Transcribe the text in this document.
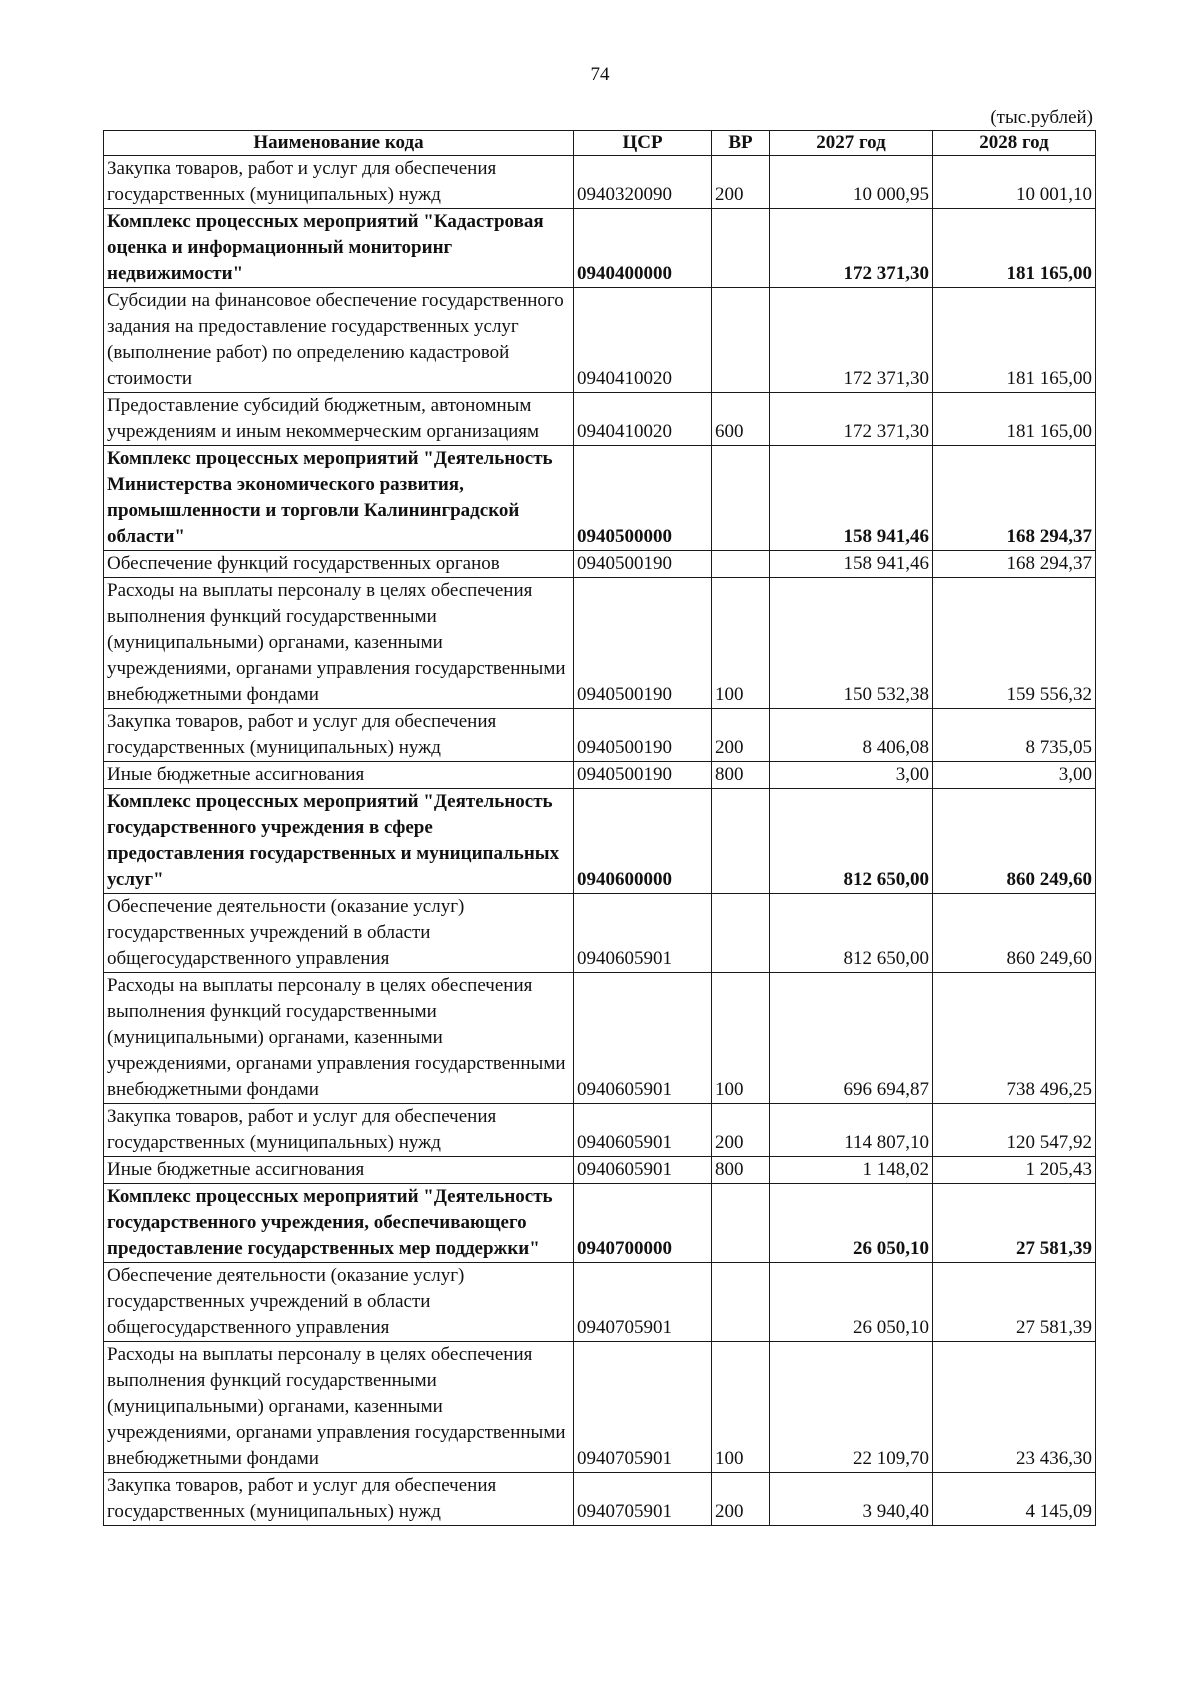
74
(тыс.рублей)
Наименование кода	ЦСР	ВР	2027 год	2028 год
Закупка товаров, работ и услуг для обеспечения государственных (муниципальных) нужд	0940320090	200	10 000,95	10 001,10
Комплекс процессных мероприятий "Кадастровая оценка и информационный мониторинг недвижимости"	0940400000		172 371,30	181 165,00
Субсидии на финансовое обеспечение государственного задания на предоставление государственных услуг (выполнение работ) по определению кадастровой стоимости	0940410020		172 371,30	181 165,00
Предоставление субсидий бюджетным, автономным учреждениям и иным некоммерческим организациям	0940410020	600	172 371,30	181 165,00
Комплекс процессных мероприятий "Деятельность Министерства экономического развития, промышленности и торговли Калининградской области"	0940500000		158 941,46	168 294,37
Обеспечение функций государственных органов	0940500190		158 941,46	168 294,37
Расходы на выплаты персоналу в целях обеспечения выполнения функций государственными (муниципальными) органами, казенными учреждениями, органами управления государственными внебюджетными фондами	0940500190	100	150 532,38	159 556,32
Закупка товаров, работ и услуг для обеспечения государственных (муниципальных) нужд	0940500190	200	8 406,08	8 735,05
Иные бюджетные ассигнования	0940500190	800	3,00	3,00
Комплекс процессных мероприятий "Деятельность государственного учреждения в сфере предоставления государственных и муниципальных услуг"	0940600000		812 650,00	860 249,60
Обеспечение деятельности (оказание услуг) государственных учреждений в области общегосударственного управления	0940605901		812 650,00	860 249,60
Расходы на выплаты персоналу в целях обеспечения выполнения функций государственными (муниципальными) органами, казенными учреждениями, органами управления государственными внебюджетными фондами	0940605901	100	696 694,87	738 496,25
Закупка товаров, работ и услуг для обеспечения государственных (муниципальных) нужд	0940605901	200	114 807,10	120 547,92
Иные бюджетные ассигнования	0940605901	800	1 148,02	1 205,43
Комплекс процессных мероприятий "Деятельность государственного учреждения, обеспечивающего предоставление государственных мер поддержки"	0940700000		26 050,10	27 581,39
Обеспечение деятельности (оказание услуг) государственных учреждений в области общегосударственного управления	0940705901		26 050,10	27 581,39
Расходы на выплаты персоналу в целях обеспечения выполнения функций государственными (муниципальными) органами, казенными учреждениями, органами управления государственными внебюджетными фондами	0940705901	100	22 109,70	23 436,30
Закупка товаров, работ и услуг для обеспечения государственных (муниципальных) нужд	0940705901	200	3 940,40	4 145,09
